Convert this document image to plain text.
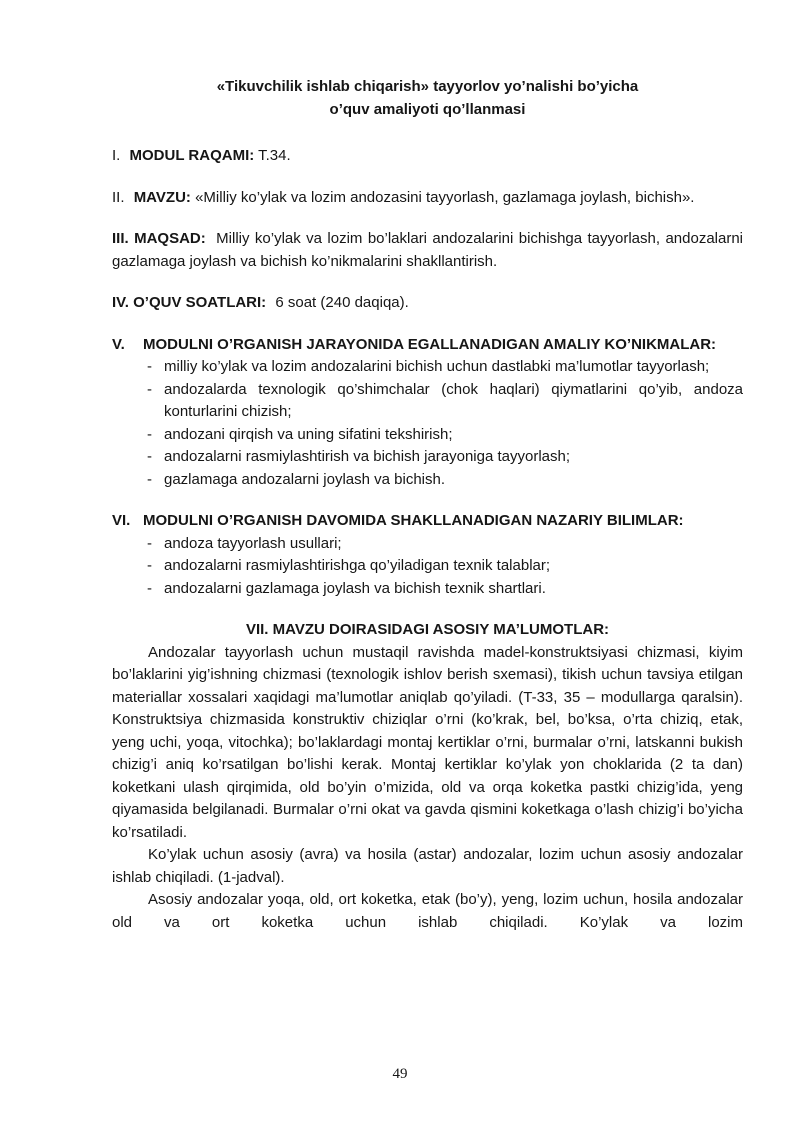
«Tikuvchilik ishlab chiqarish» tayyorlov yo’nalishi bo’yicha
o’quv amaliyoti qo’llanmasi

I. MODUL RAQAMI: T.34.

II. MAVZU: «Milliy ko’ylak va lozim andozasini tayyorlash, gazlamaga joylash, bichish».

III. MAQSAD: Milliy ko’ylak va lozim bo’laklari andozalarini bichishga tayyorlash, andozalarni gazlamaga joylash va bichish ko’nikmalarini shakllantirish.

IV. O’QUV SOATLARI: 6 soat (240 daqiqa).

V.	MODULNI O’RGANISH JARAYONIDA EGALLANADIGAN AMALIY KO’NIKMALAR:
- milliy ko’ylak va lozim andozalarini bichish uchun dastlabki ma’lumotlar tayyorlash;
- andozalarda texnologik qo’shimchalar (chok haqlari) qiymatlarini qo’yib, andoza konturlarini chizish;
- andozani qirqish va uning sifatini tekshirish;
- andozalarni rasmiylashtirish va bichish jarayoniga tayyorlash;
- gazlamaga andozalarni joylash va bichish.
VI. MODULNI O’RGANISH DAVOMIDA SHAKLLANADIGAN NAZARIY BILIMLAR:
- andoza tayyorlash usullari;
- andozalarni rasmiylashtirishga qo’yiladigan texnik talablar;
- andozalarni gazlamaga joylash va bichish texnik shartlari.
VII. MAVZU DOIRASIDAGI ASOSIY MA’LUMOTLAR:

Andozalar tayyorlash uchun mustaqil ravishda madel-konstruktsiyasi chizmasi, kiyim bo’laklarini yig’ishning chizmasi (texnologik ishlov berish sxemasi), tikish uchun tavsiya etilgan materiallar xossalari xaqidagi ma’lumotlar aniqlab qo’yiladi. (T-33, 35 – modullarga qaralsin). Konstruktsiya chizmasida konstruktiv chiziqlar o’rni (ko’krak, bel, bo’ksa, o’rta chiziq, etak, yeng uchi, yoqa, vitochka); bo’laklardagi montaj kertiklar o’rni, burmalar o’rni, latskanni bukish chizig’i aniq ko’rsatilgan bo’lishi kerak. Montaj kertiklar ko’ylak yon choklarida (2 ta dan) koketkani ulash qirqimida, old bo’yin o’mizida, old va orqa koketka pastki chizig’ida, yeng qiyamasida belgilanadi. Burmalar o’rni okat va gavda qismini koketkaga o’lash chizig’i bo’yicha ko’rsatiladi.

Ko’ylak uchun asosiy (avra) va hosila (astar) andozalar, lozim uchun asosiy andozalar ishlab chiqiladi. (1-jadval).

Asosiy andozalar yoqa, old, ort koketka, etak (bo’y), yeng, lozim uchun, hosila andozalar old va ort koketka uchun ishlab chiqiladi. Ko’ylak va lozim

49
